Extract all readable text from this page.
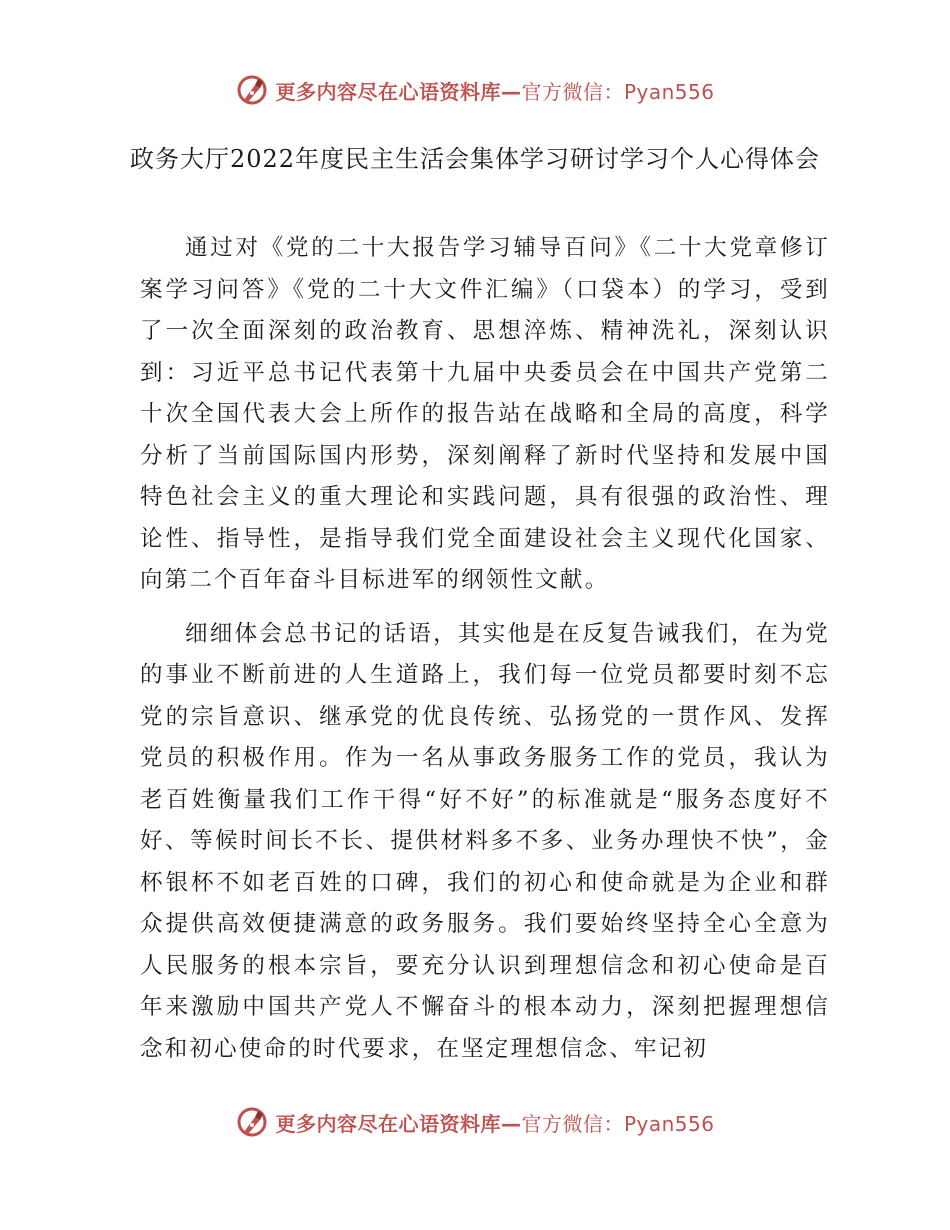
更多内容尽在心语资料库— 官方微信：Pyan556
政务大厅2022年度民主生活会集体学习研讨学习个人心得体会

通过对《党的二十大报告学习辅导百问》《二十大党章修订案学习问答》《党的二十大文件汇编》（口袋本）的学习，受到了一次全面深刻的政治教育、思想淬炼、精神洗礼，深刻认识到：习近平总书记代表第十九届中央委员会在中国共产党第二十次全国代表大会上所作的报告站在战略和全局的高度，科学分析了当前国际国内形势，深刻阐释了新时代坚持和发展中国特色社会主义的重大理论和实践问题，具有很强的政治性、理论性、指导性，是指导我们党全面建设社会主义现代化国家、向第二个百年奋斗目标进军的纲领性文献。

细细体会总书记的话语，其实他是在反复告诫我们，在为党的事业不断前进的人生道路上，我们每一位党员都要时刻不忘党的宗旨意识、继承党的优良传统、弘扬党的一贯作风、发挥党员的积极作用。作为一名从事政务服务工作的党员，我认为老百姓衡量我们工作干得“好不好”的标准就是“服务态度好不好、等候时间长不长、提供材料多不多、业务办理快不快”，金杯银杯不如老百姓的口碑，我们的初心和使命就是为企业和群众提供高效便捷满意的政务服务。我们要始终坚持全心全意为人民服务的根本宗旨，要充分认识到理想信念和初心使命是百年来激励中国共产党人不懈奋斗的根本动力，深刻把握理想信念和初心使命的时代要求，在坚定理想信念、牢记初

更多内容尽在心语资料库— 官方微信：Pyan556
